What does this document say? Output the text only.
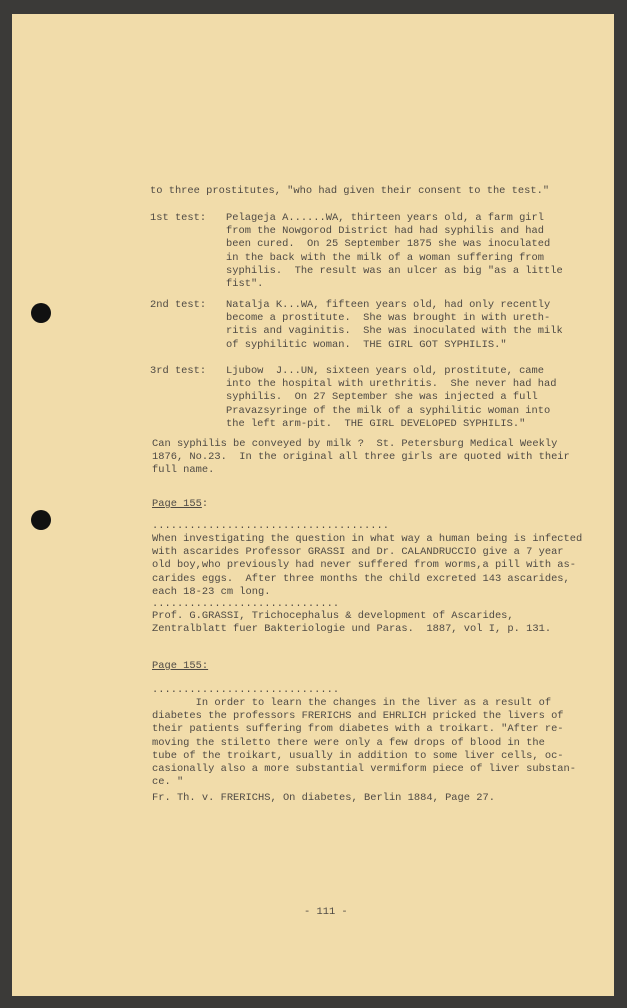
to three prostitutes, "who had given their consent to the test."
1st test: Pelageja A......WA, thirteen years old, a farm girl
from the Nowgorod District had had syphilis and had
been cured.  On 25 September 1875 she was inoculated
in the back with the milk of a woman suffering from
syphilis.  The result was an ulcer as big "as a little
fist".
2nd test: Natalja K...WA, fifteen years old, had only recently
become a prostitute.  She was brought in with ureth-
ritis and vaginitis.  She was inoculated with the milk
of syphilitic woman.  THE GIRL GOT SYPHILIS."
3rd test: Ljubow  J...UN, sixteen years old, prostitute, came
into the hospital with urethritis.  She never had had
syphilis.  On 27 September she was injected a full
Pravazsyringe of the milk of a syphilitic woman into
the left arm-pit.  THE GIRL DEVELOPED SYPHILIS."
Can syphilis be conveyed by milk ?  St. Petersburg Medical Weekly
1876, No.23.  In the original all three girls are quoted with their
full name.
Page 155:
......................................
When investigating the question in what way a human being is infected
with ascarides Professor GRASSI and Dr. CALANDRUCCIO give a 7 year
old boy,who previously had never suffered from worms,a pill with as-
carides eggs.  After three months the child excreted 143 ascarides,
each 18-23 cm long.
..............................
Prof. G.GRASSI, Trichocephalus & development of Ascarides,
Zentralblatt fuer Bakteriologie und Paras.  1887, vol I, p. 131.
Page 155:
..............................
In order to learn the changes in the liver as a result of
diabetes the professors FRERICHS and EHRLICH pricked the livers of
their patients suffering from diabetes with a troikart. "After re-
moving the stiletto there were only a few drops of blood in the
tube of the troikart, usually in addition to some liver cells, oc-
casionally also a more substantial vermiform piece of liver substan-
ce. "
Fr. Th. v. FRERICHS, On diabetes, Berlin 1884, Page 27.
- 111 -
